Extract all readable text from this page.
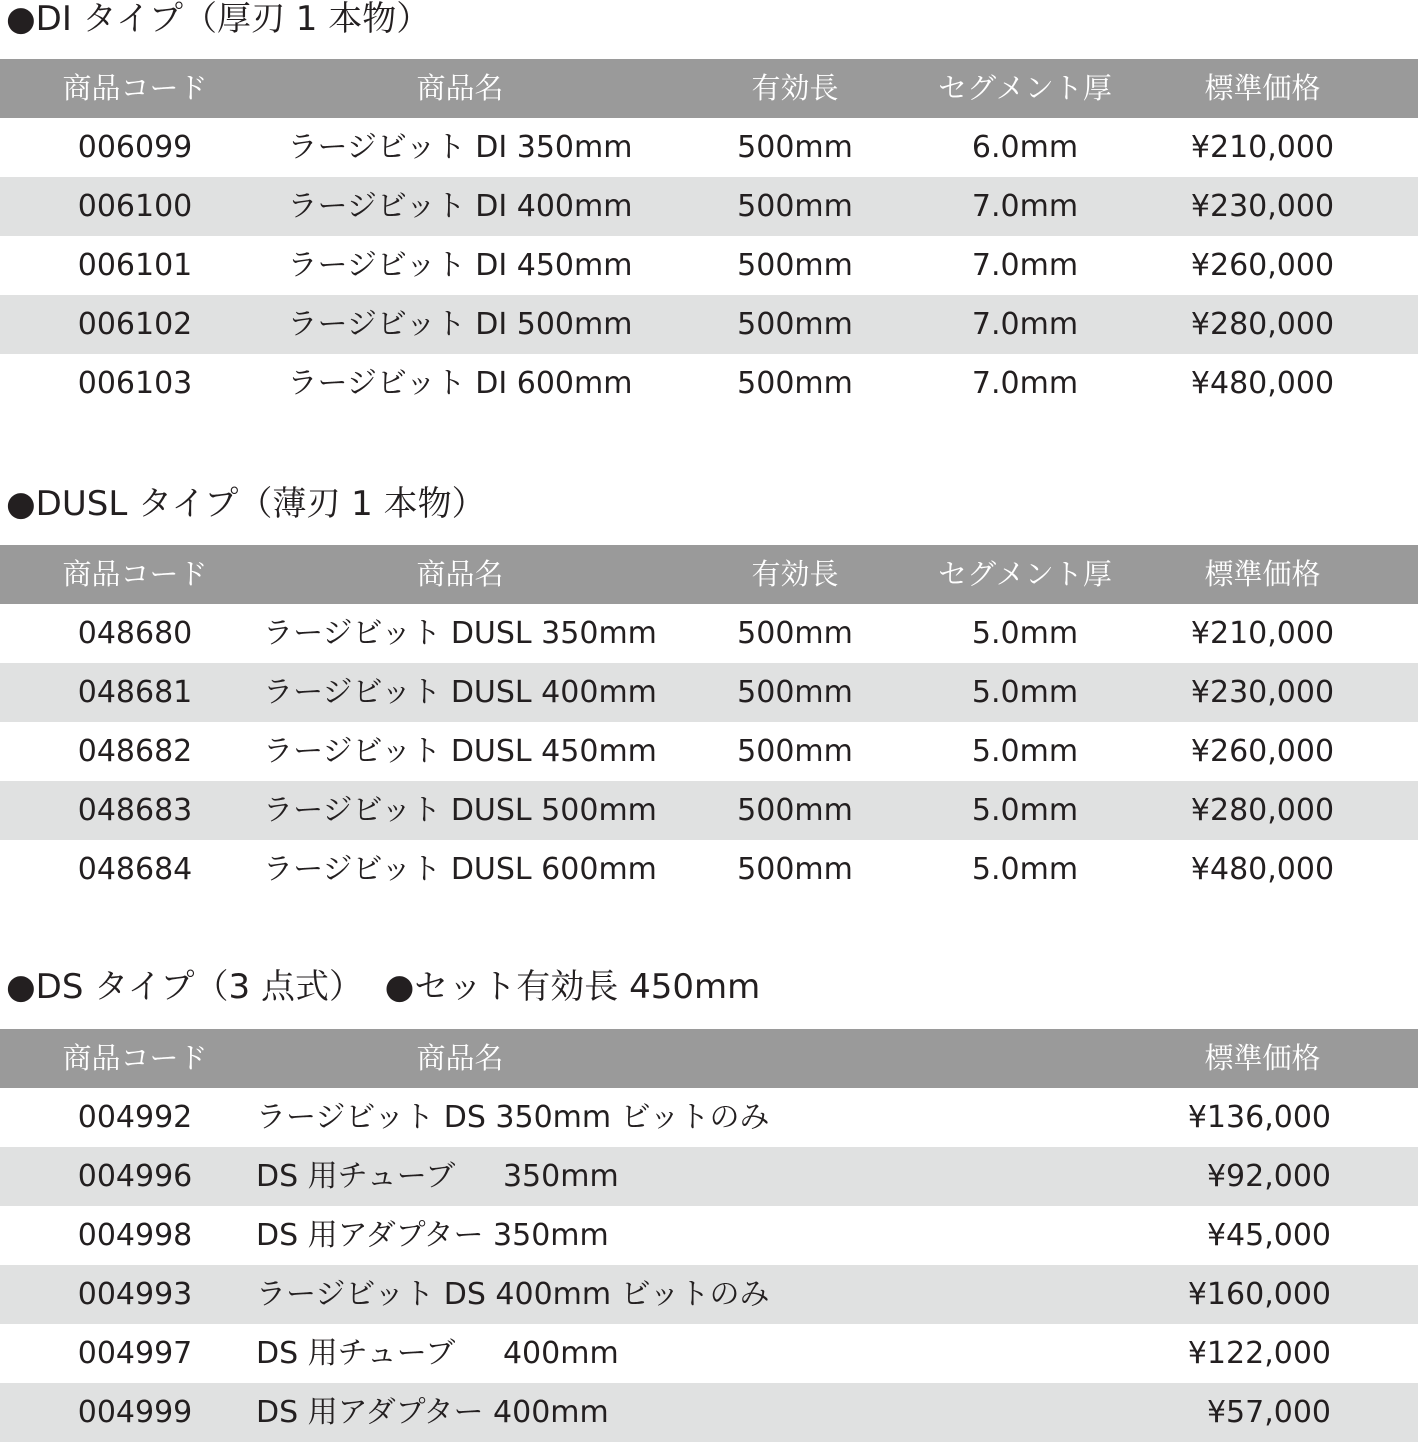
●DI タイプ（厚刃 1 本物）
商品コード	商品名	有効長	セグメント厚	標準価格
006099	ラージビット DI 350mm	500mm	6.0mm	¥210,000
006100	ラージビット DI 400mm	500mm	7.0mm	¥230,000
006101	ラージビット DI 450mm	500mm	7.0mm	¥260,000
006102	ラージビット DI 500mm	500mm	7.0mm	¥280,000
006103	ラージビット DI 600mm	500mm	7.0mm	¥480,000
●DUSL タイプ（薄刃 1 本物）
商品コード	商品名	有効長	セグメント厚	標準価格
048680	ラージビット DUSL 350mm	500mm	5.0mm	¥210,000
048681	ラージビット DUSL 400mm	500mm	5.0mm	¥230,000
048682	ラージビット DUSL 450mm	500mm	5.0mm	¥260,000
048683	ラージビット DUSL 500mm	500mm	5.0mm	¥280,000
048684	ラージビット DUSL 600mm	500mm	5.0mm	¥480,000
●DS タイプ（3 点式）  ●セット有効長 450mm
商品コード	商品名	標準価格
004992	ラージビット DS 350mm ビットのみ	¥136,000
004996	DS 用チューブ     350mm	¥92,000
004998	DS 用アダプター 350mm	¥45,000
004993	ラージビット DS 400mm ビットのみ	¥160,000
004997	DS 用チューブ     400mm	¥122,000
004999	DS 用アダプター 400mm	¥57,000
